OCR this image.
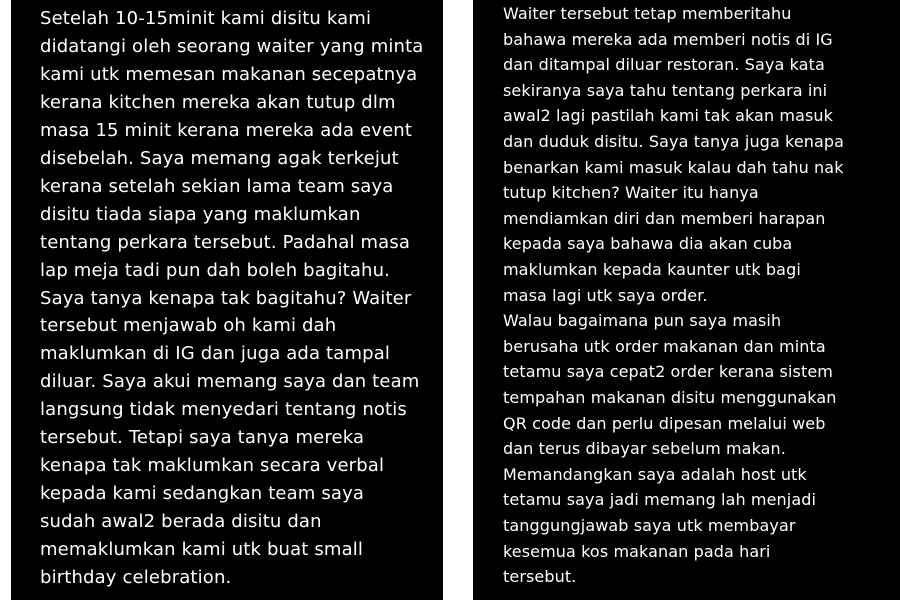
Setelah 10-15minit kami disitu kami
didatangi oleh seorang waiter yang minta
kami utk memesan makanan secepatnya
kerana kitchen mereka akan tutup dlm
masa 15 minit kerana mereka ada event
disebelah. Saya memang agak terkejut
kerana setelah sekian lama team saya
disitu tiada siapa yang maklumkan
tentang perkara tersebut. Padahal masa
lap meja tadi pun dah boleh bagitahu.
Saya tanya kenapa tak bagitahu? Waiter
tersebut menjawab oh kami dah
maklumkan di IG dan juga ada tampal
diluar. Saya akui memang saya dan team
langsung tidak menyedari tentang notis
tersebut. Tetapi saya tanya mereka
kenapa tak maklumkan secara verbal
kepada kami sedangkan team saya
sudah awal2 berada disitu dan
memaklumkan kami utk buat small
birthday celebration.
Waiter tersebut tetap memberitahu
bahawa mereka ada memberi notis di IG
dan ditampal diluar restoran. Saya kata
sekiranya saya tahu tentang perkara ini
awal2 lagi pastilah kami tak akan masuk
dan duduk disitu. Saya tanya juga kenapa
benarkan kami masuk kalau dah tahu nak
tutup kitchen? Waiter itu hanya
mendiamkan diri dan memberi harapan
kepada saya bahawa dia akan cuba
maklumkan kepada kaunter utk bagi
masa lagi utk saya order.
Walau bagaimana pun saya masih
berusaha utk order makanan dan minta
tetamu saya cepat2 order kerana sistem
tempahan makanan disitu menggunakan
QR code dan perlu dipesan melalui web
dan terus dibayar sebelum makan.
Memandangkan saya adalah host utk
tetamu saya jadi memang lah menjadi
tanggungjawab saya utk membayar
kesemua kos makanan pada hari
tersebut.
